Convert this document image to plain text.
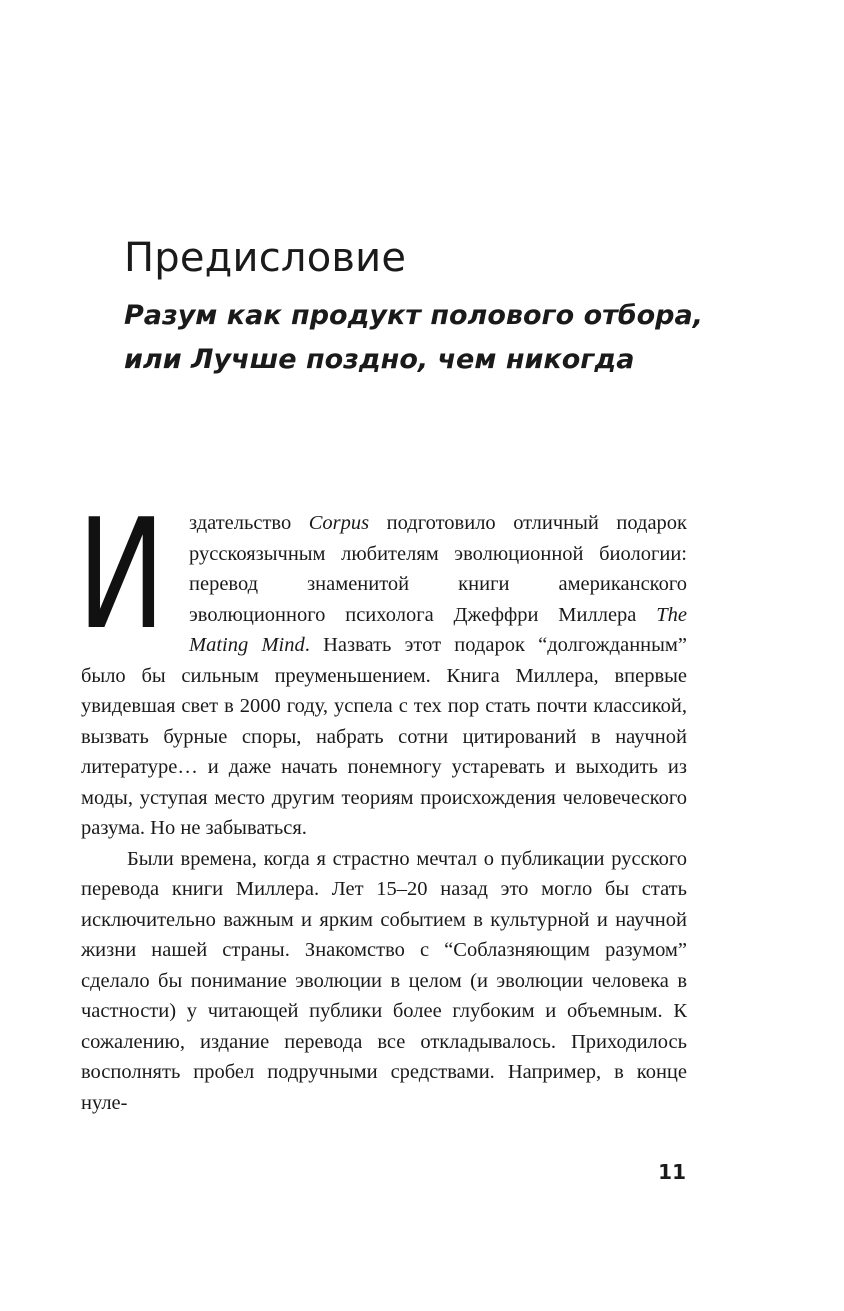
Предисловие
Разум как продукт полового отбора,
или Лучше поздно, чем никогда

И здательство Corpus подготовило отличный подарок русскоязычным любителям эволюционной биологии: перевод знаменитой книги американского эволюционного психолога Джеффри Миллера The Mating Mind. Назвать этот подарок “долгожданным” было бы сильным преуменьшением. Книга Миллера, впервые увидевшая свет в 2000 году, успела с тех пор стать почти классикой, вызвать бурные споры, набрать сотни цитирований в научной литературе… и даже начать понемногу устаревать и выходить из моды, уступая место другим теориям происхождения человеческого разума. Но не забываться.

Были времена, когда я страстно мечтал о публикации русского перевода книги Миллера. Лет 15–20 назад это могло бы стать исключительно важным и ярким событием в культурной и научной жизни нашей страны. Знакомство с “Соблазняющим разумом” сделало бы понимание эволюции в целом (и эволюции человека в частности) у читающей публики более глубоким и объемным. К сожалению, издание перевода все откладывалось. Приходилось восполнять пробел подручными средствами. Например, в конце нуле-

11
